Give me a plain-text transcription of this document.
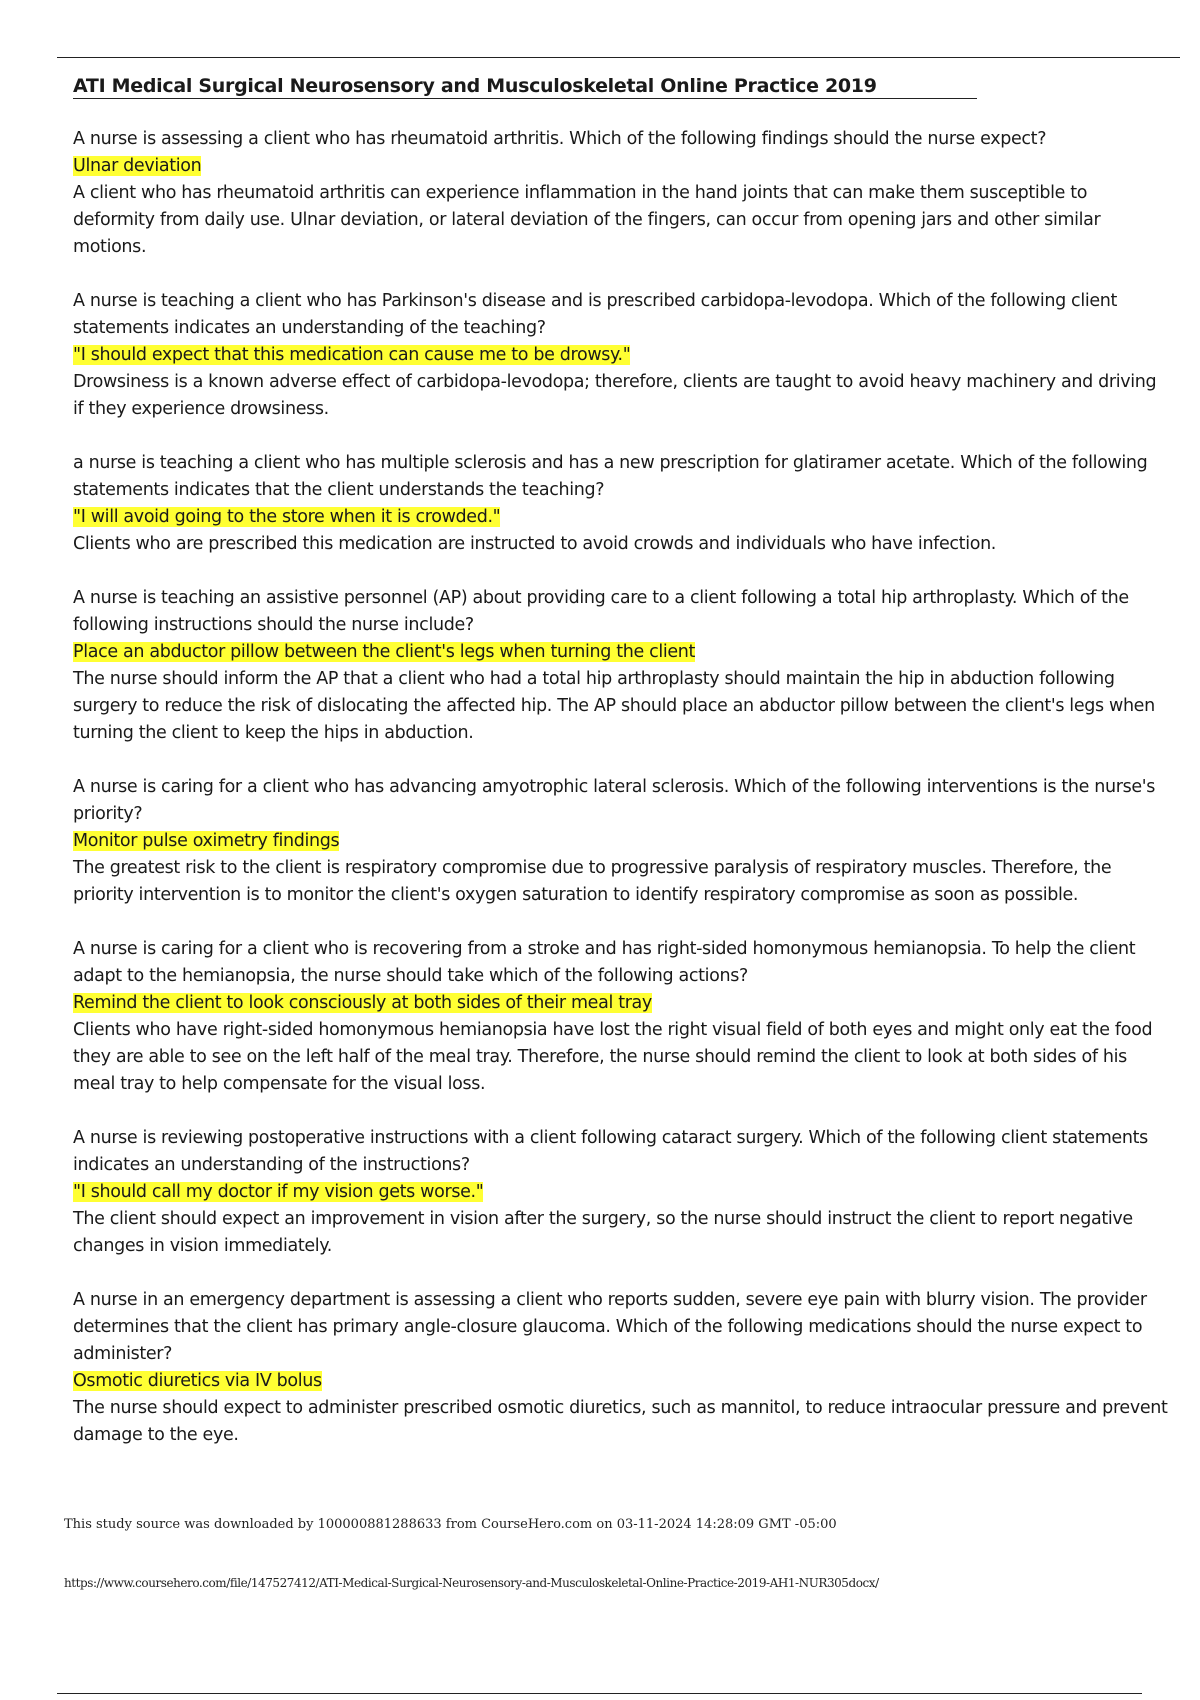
ATI Medical Surgical Neurosensory and Musculoskeletal Online Practice 2019

A nurse is assessing a client who has rheumatoid arthritis. Which of the following findings should the nurse expect?

Ulnar deviation

A client who has rheumatoid arthritis can experience inflammation in the hand joints that can make them susceptible to deformity from daily use. Ulnar deviation, or lateral deviation of the fingers, can occur from opening jars and other similar motions.

A nurse is teaching a client who has Parkinson's disease and is prescribed carbidopa-levodopa. Which of the following client statements indicates an understanding of the teaching?

"I should expect that this medication can cause me to be drowsy."

Drowsiness is a known adverse effect of carbidopa-levodopa; therefore, clients are taught to avoid heavy machinery and driving if they experience drowsiness.

a nurse is teaching a client who has multiple sclerosis and has a new prescription for glatiramer acetate. Which of the following statements indicates that the client understands the teaching?

"I will avoid going to the store when it is crowded."

Clients who are prescribed this medication are instructed to avoid crowds and individuals who have infection.

A nurse is teaching an assistive personnel (AP) about providing care to a client following a total hip arthroplasty. Which of the following instructions should the nurse include?

Place an abductor pillow between the client's legs when turning the client

The nurse should inform the AP that a client who had a total hip arthroplasty should maintain the hip in abduction following surgery to reduce the risk of dislocating the affected hip. The AP should place an abductor pillow between the client's legs when turning the client to keep the hips in abduction.

A nurse is caring for a client who has advancing amyotrophic lateral sclerosis. Which of the following interventions is the nurse's priority?

Monitor pulse oximetry findings

The greatest risk to the client is respiratory compromise due to progressive paralysis of respiratory muscles. Therefore, the priority intervention is to monitor the client's oxygen saturation to identify respiratory compromise as soon as possible.

A nurse is caring for a client who is recovering from a stroke and has right-sided homonymous hemianopsia. To help the client adapt to the hemianopsia, the nurse should take which of the following actions?

Remind the client to look consciously at both sides of their meal tray

Clients who have right-sided homonymous hemianopsia have lost the right visual field of both eyes and might only eat the food they are able to see on the left half of the meal tray. Therefore, the nurse should remind the client to look at both sides of his meal tray to help compensate for the visual loss.

A nurse is reviewing postoperative instructions with a client following cataract surgery. Which of the following client statements indicates an understanding of the instructions?

"I should call my doctor if my vision gets worse."

The client should expect an improvement in vision after the surgery, so the nurse should instruct the client to report negative changes in vision immediately.

A nurse in an emergency department is assessing a client who reports sudden, severe eye pain with blurry vision. The provider determines that the client has primary angle-closure glaucoma. Which of the following medications should the nurse expect to administer?

Osmotic diuretics via IV bolus

The nurse should expect to administer prescribed osmotic diuretics, such as mannitol, to reduce intraocular pressure and prevent damage to the eye.

This study source was downloaded by 100000881288633 from CourseHero.com on 03-11-2024 14:28:09 GMT -05:00
https://www.coursehero.com/file/147527412/ATI-Medical-Surgical-Neurosensory-and-Musculoskeletal-Online-Practice-2019-AH1-NUR305docx/
